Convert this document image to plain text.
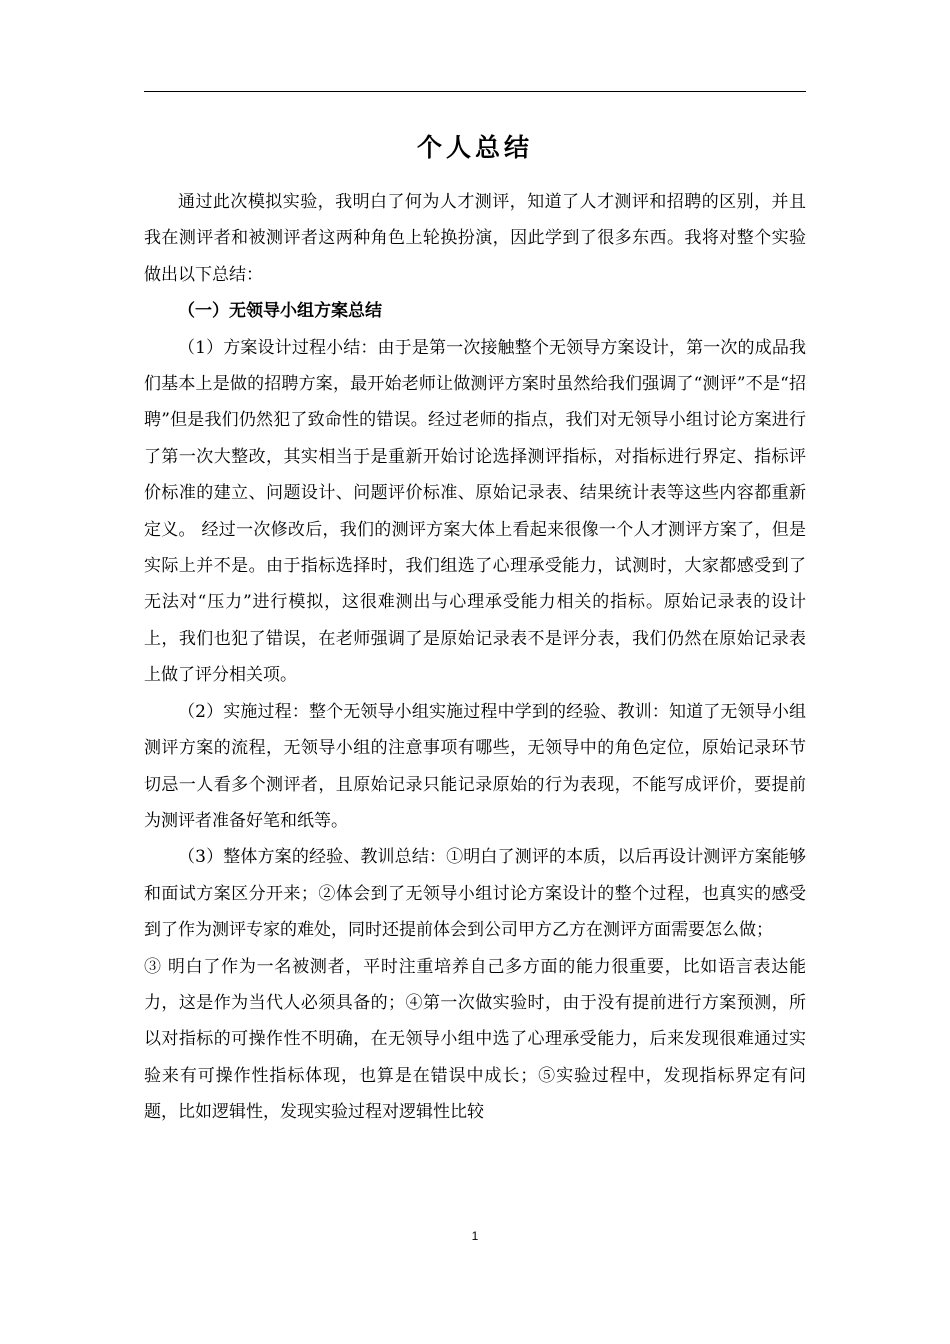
个人总结

通过此次模拟实验，我明白了何为人才测评，知道了人才测评和招聘的区别，并且我在测评者和被测评者这两种角色上轮换扮演，因此学到了很多东西。我将对整个实验做出以下总结：

（一）无领导小组方案总结

（1）方案设计过程小结：由于是第一次接触整个无领导方案设计，第一次的成品我们基本上是做的招聘方案，最开始老师让做测评方案时虽然给我们强调了“测评”不是“招聘”但是我们仍然犯了致命性的错误。经过老师的指点，我们对无领导小组讨论方案进行了第一次大整改，其实相当于是重新开始讨论选择测评指标，对指标进行界定、指标评价标准的建立、问题设计、问题评价标准、原始记录表、结果统计表等这些内容都重新定义。 经过一次修改后，我们的测评方案大体上看起来很像一个人才测评方案了，但是实际上并不是。由于指标选择时，我们组选了心理承受能力，试测时，大家都感受到了无法对“压力”进行模拟，这很难测出与心理承受能力相关的指标。原始记录表的设计上，我们也犯了错误，在老师强调了是原始记录表不是评分表，我们仍然在原始记录表上做了评分相关项。

（2）实施过程：整个无领导小组实施过程中学到的经验、教训：知道了无领导小组测评方案的流程，无领导小组的注意事项有哪些，无领导中的角色定位，原始记录环节切忌一人看多个测评者，且原始记录只能记录原始的行为表现，不能写成评价，要提前为测评者准备好笔和纸等。

（3）整体方案的经验、教训总结：①明白了测评的本质，以后再设计测评方案能够和面试方案区分开来；②体会到了无领导小组讨论方案设计的整个过程，也真实的感受到了作为测评专家的难处，同时还提前体会到公司甲方乙方在测评方面需要怎么做；

③ 明白了作为一名被测者，平时注重培养自己多方面的能力很重要，比如语言表达能力，这是作为当代人必须具备的；④第一次做实验时，由于没有提前进行方案预测，所以对指标的可操作性不明确，在无领导小组中选了心理承受能力，后来发现很难通过实验来有可操作性指标体现，也算是在错误中成长；⑤实验过程中，发现指标界定有问题，比如逻辑性，发现实验过程对逻辑性比较

1
